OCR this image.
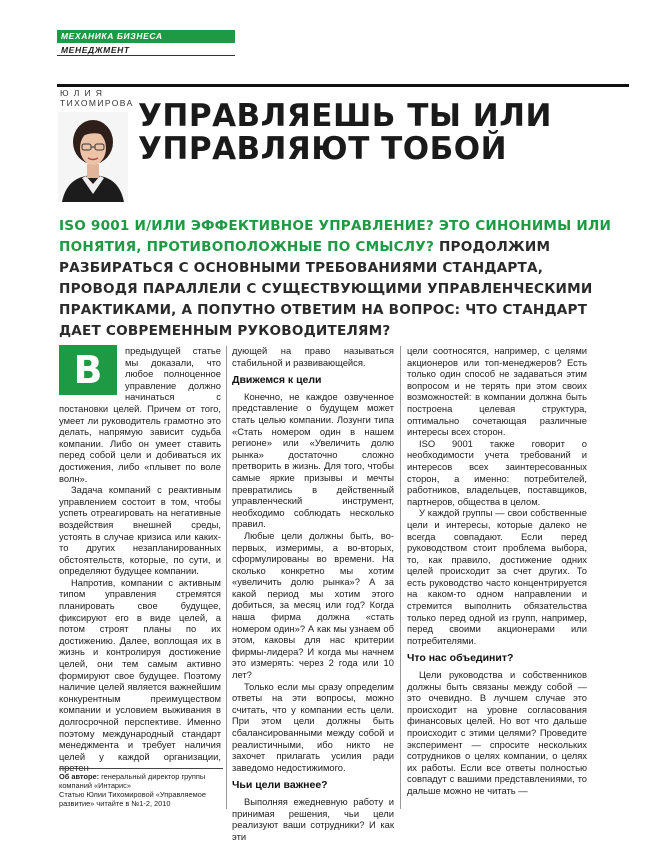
МЕХАНИКА БИЗНЕСА
МЕНЕДЖМЕНТ
Ю Л И Я
ТИХОМИРОВА УПРАВЛЯЕШЬ ТЫ ИЛИ УПРАВЛЯЮТ ТОБОЙ
ISO 9001 И/ИЛИ ЭФФЕКТИВНОЕ УПРАВЛЕНИЕ? ЭТО СИНОНИМЫ ИЛИ ПОНЯТИЯ, ПРОТИВОПОЛОЖНЫЕ ПО СМЫСЛУ? ПРОДОЛЖИМ РАЗБИРАТЬСЯ С ОСНОВНЫМИ ТРЕБОВАНИЯМИ СТАНДАРТА, ПРОВОДЯ ПАРАЛЛЕЛИ С СУЩЕСТВУЮЩИМИ УПРАВЛЕНЧЕСКИМИ ПРАКТИКАМИ, А ПОПУТНО ОТВЕТИМ НА ВОПРОС: ЧТО СТАНДАРТ ДАЕТ СОВРЕМЕННЫМ РУКОВОДИТЕЛЯМ?
В	предыдущей статье мы доказали, что любое полноценное управление должно начинаться с постановки целей. Причем от того, умеет ли руководитель грамотно это делать, напрямую зависит судьба компании. Либо он умеет ставить перед собой цели и добиваться их достижения, либо «плывет по воле волн».

Задача компаний с реактивным управлением состоит в том, чтобы успеть отреагировать на негативные воздействия внешней среды, устоять в случае кризиса или каких-то других незапланированных обстоятельств, которые, по сути, и определяют будущее компании.

Напротив, компании с активным типом управления стремятся планировать свое будущее, фиксируют его в виде целей, а потом строят планы по их достижению. Далее, воплощая их в жизнь и контролируя достижение целей, они тем самым активно формируют свое будущее. Поэтому наличие целей является важнейшим конкурентным преимуществом компании и условием выживания в долгосрочной перспективе. Именно поэтому международный стандарт менеджмента и требует наличия целей у каждой организации, претен-

дующей на право называться стабильной и развивающейся.

Движемся к цели

Конечно, не каждое озвученное представление о будущем может стать целью компании. Лозунги типа «Стать номером один в нашем регионе» или «Увеличить долю рынка» достаточно сложно претворить в жизнь. Для того, чтобы самые яркие призывы и мечты превратились в действенный управленческий инструмент, необходимо соблюдать несколько правил.

Любые цели должны быть, во-первых, измеримы, а во-вторых, сформулированы во времени. На сколько конкретно мы хотим «увеличить долю рынка»? А за какой период мы хотим этого добиться, за месяц или год? Когда наша фирма должна «стать номером один»? А как мы узнаем об этом, каковы для нас критерии фирмы-лидера? И когда мы начнем это измерять: через 2 года или 10 лет?

Только если мы сразу определим ответы на эти вопросы, можно считать, что у компании есть цели. При этом цели должны быть сбалансированными между собой и реалистичными, ибо никто не захочет прилагать усилия ради заведомо недостижимого.

Чьи цели важнее?

Выполняя ежедневную работу и принимая решения, чьи цели реализуют ваши сотрудники? И как эти

цели соотносятся, например, с целями акционеров или топ-менеджеров? Есть только один способ не задаваться этим вопросом и не терять при этом своих возможностей: в компании должна быть построена целевая структура, оптимально сочетающая различные интересы всех сторон.

ISO 9001 также говорит о необходимости учета требований и интересов всех заинтересованных сторон, а именно: потребителей, работников, владельцев, поставщиков, партнеров, общества в целом.

У каждой группы — свои собственные цели и интересы, которые далеко не всегда совпадают. Если перед руководством стоит проблема выбора, то, как правило, достижение одних целей происходит за счет других. То есть руководство часто концентрируется на каком-то одном направлении и стремится выполнить обязательства только перед одной из групп, например, перед своими акционерами или потребителями.

Что нас объединит?

Цели руководства и собственников должны быть связаны между собой — это очевидно. В лучшем случае это происходит на уровне согласования финансовых целей. Но вот что дальше происходит с этими целями? Проведите эксперимент — спросите нескольких сотрудников о целях компании, о целях их работы. Если все ответы полностью совпадут с вашими представлениями, то дальше можно не читать —

Об авторе: генеральный директор группы компаний «Интарис»
Статью Юлии Тихомировой «Управляемое развитие» читайте в №1-2, 2010
